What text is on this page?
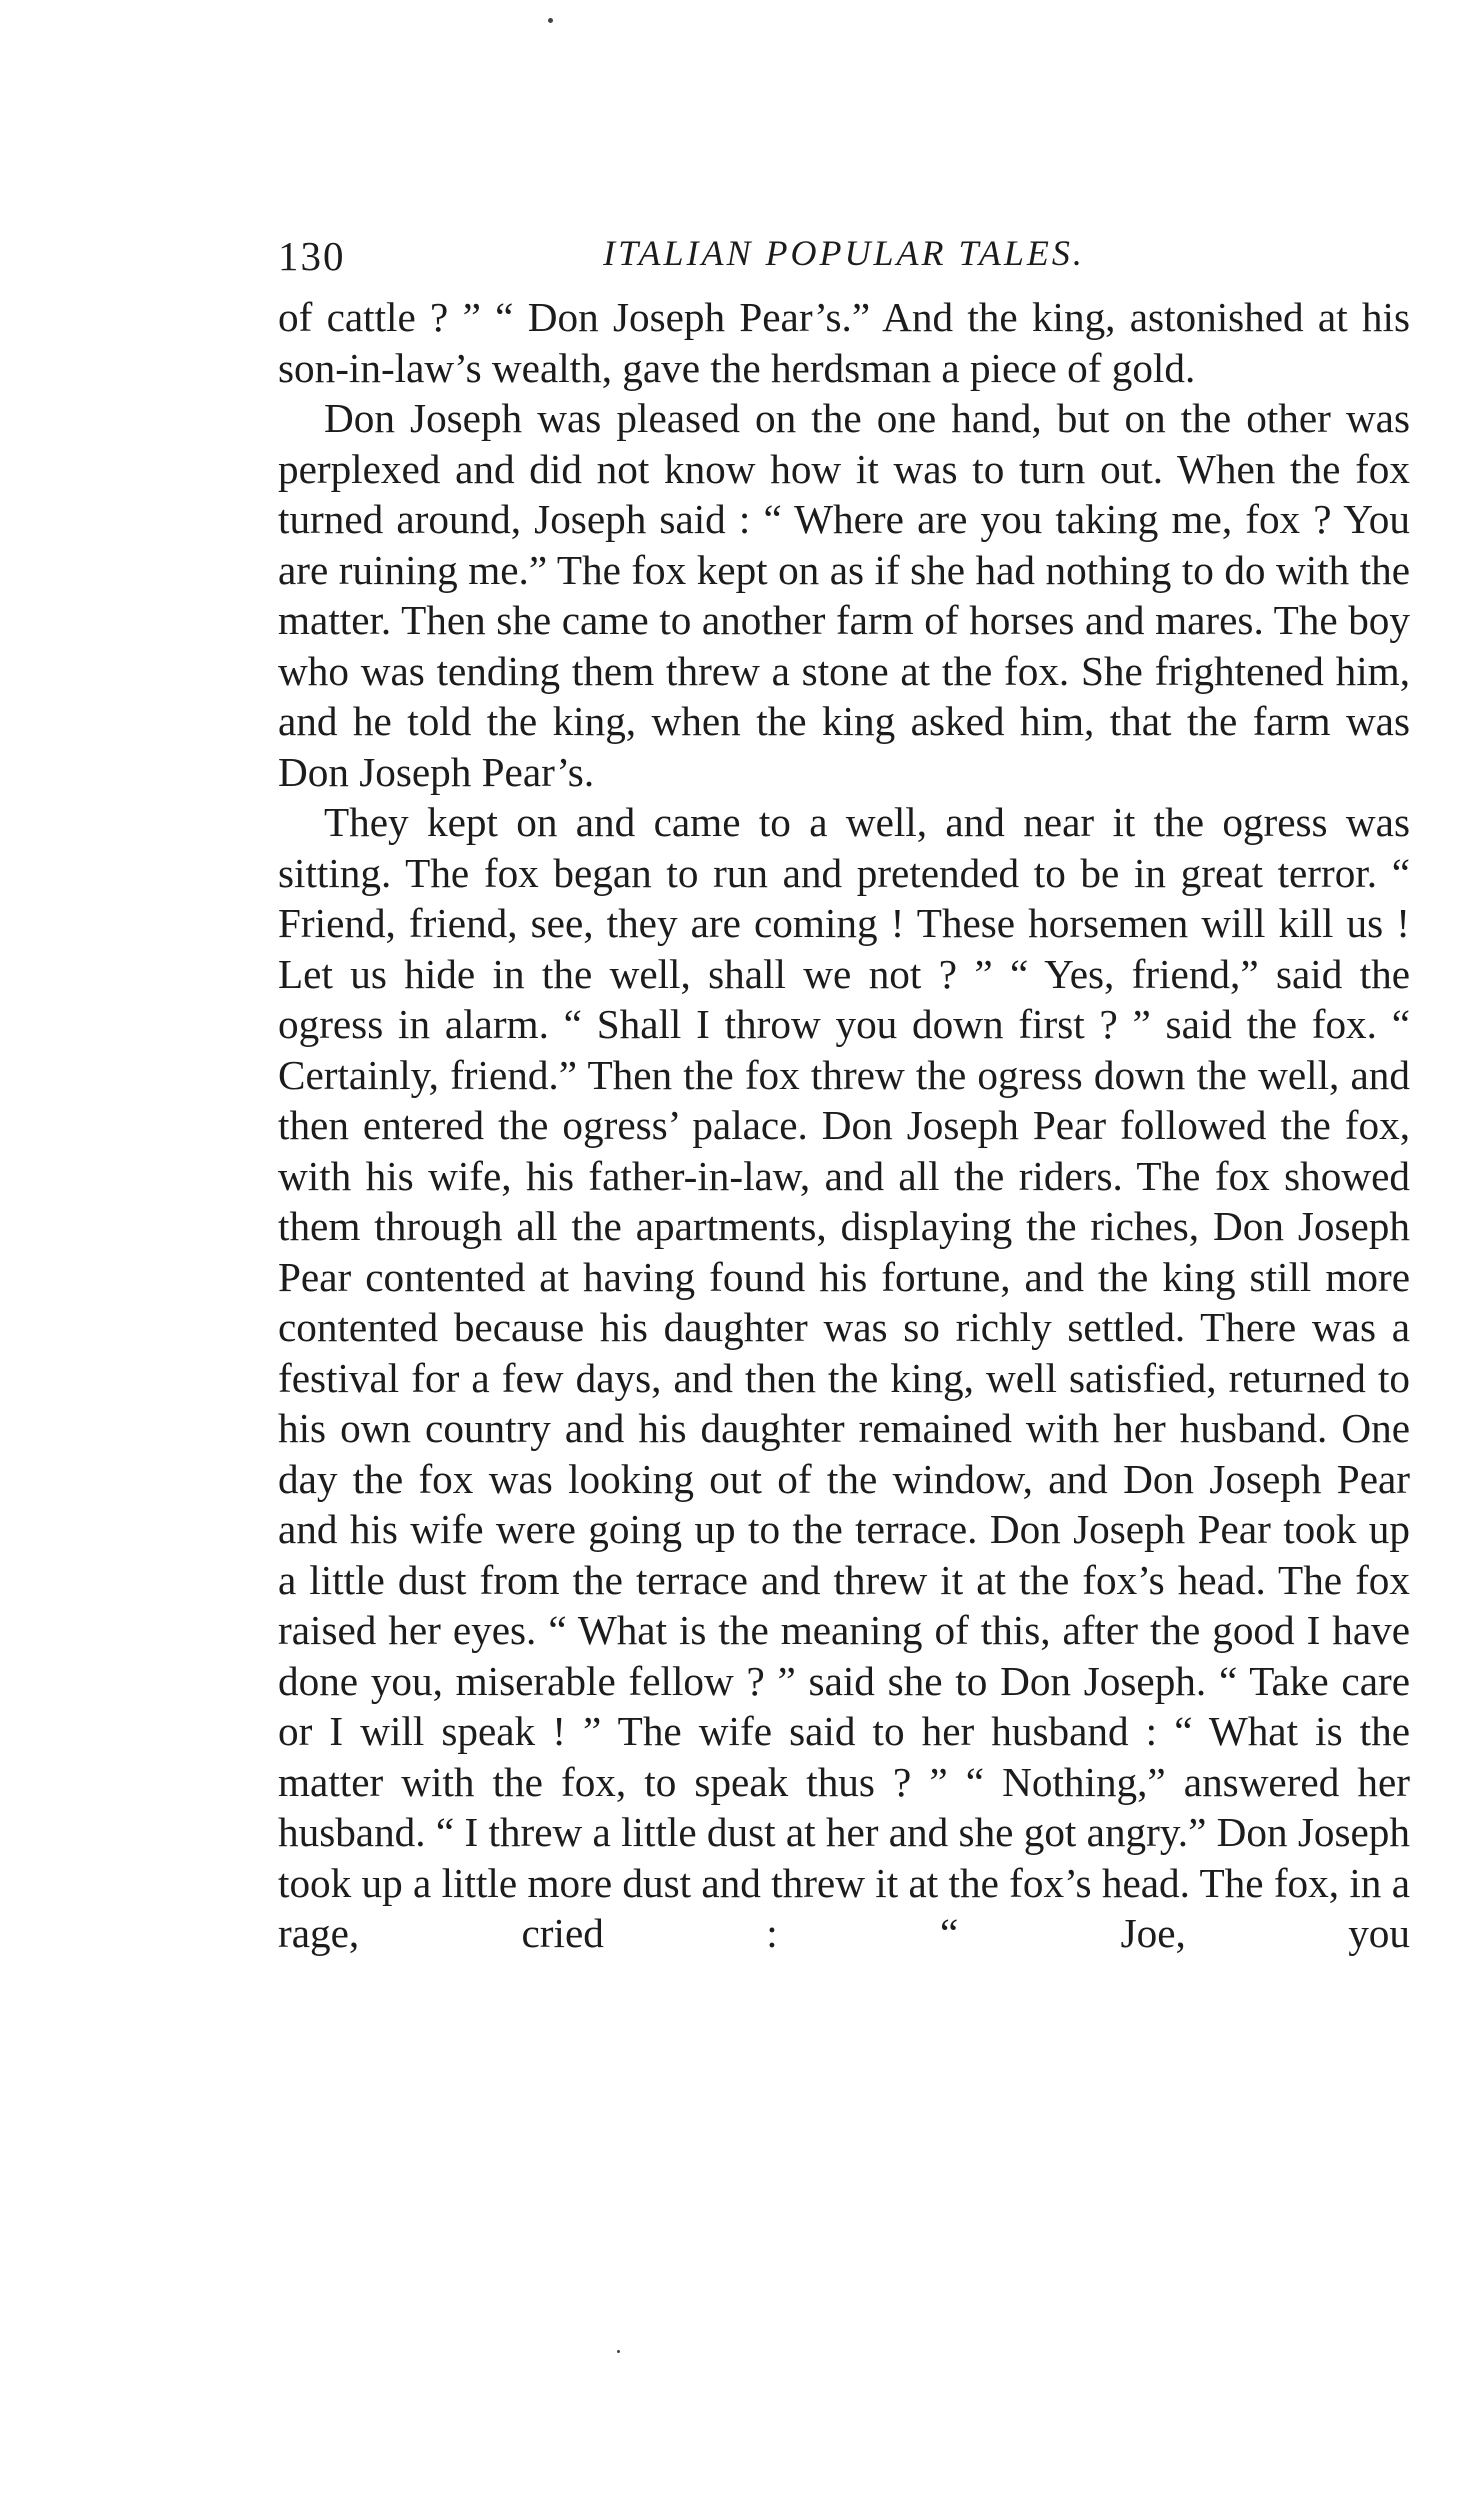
130	ITALIAN POPULAR TALES.

of cattle ? ” “ Don Joseph Pear’s.” And the king, astonished at his son-in-law’s wealth, gave the herdsman a piece of gold.

Don Joseph was pleased on the one hand, but on the other was perplexed and did not know how it was to turn out. When the fox turned around, Joseph said : “ Where are you taking me, fox ? You are ruining me.” The fox kept on as if she had nothing to do with the matter. Then she came to another farm of horses and mares. The boy who was tending them threw a stone at the fox. She frightened him, and he told the king, when the king asked him, that the farm was Don Joseph Pear’s.

They kept on and came to a well, and near it the ogress was sitting. The fox began to run and pretended to be in great terror. “ Friend, friend, see, they are coming ! These horsemen will kill us ! Let us hide in the well, shall we not ? ” “ Yes, friend,” said the ogress in alarm. “ Shall I throw you down first ? ” said the fox. “ Certainly, friend.” Then the fox threw the ogress down the well, and then entered the ogress’ palace. Don Joseph Pear followed the fox, with his wife, his father-in-law, and all the riders. The fox showed them through all the apartments, displaying the riches, Don Joseph Pear contented at having found his fortune, and the king still more contented because his daughter was so richly settled. There was a festival for a few days, and then the king, well satisfied, returned to his own country and his daughter remained with her husband. One day the fox was looking out of the window, and Don Joseph Pear and his wife were going up to the terrace. Don Joseph Pear took up a little dust from the terrace and threw it at the fox’s head. The fox raised her eyes. “ What is the meaning of this, after the good I have done you, miserable fellow ? ” said she to Don Joseph. “ Take care or I will speak ! ” The wife said to her husband : “ What is the matter with the fox, to speak thus ? ” “ Nothing,” answered her husband. “ I threw a little dust at her and she got angry.” Don Joseph took up a little more dust and threw it at the fox’s head. The fox, in a rage, cried : “ Joe, you
